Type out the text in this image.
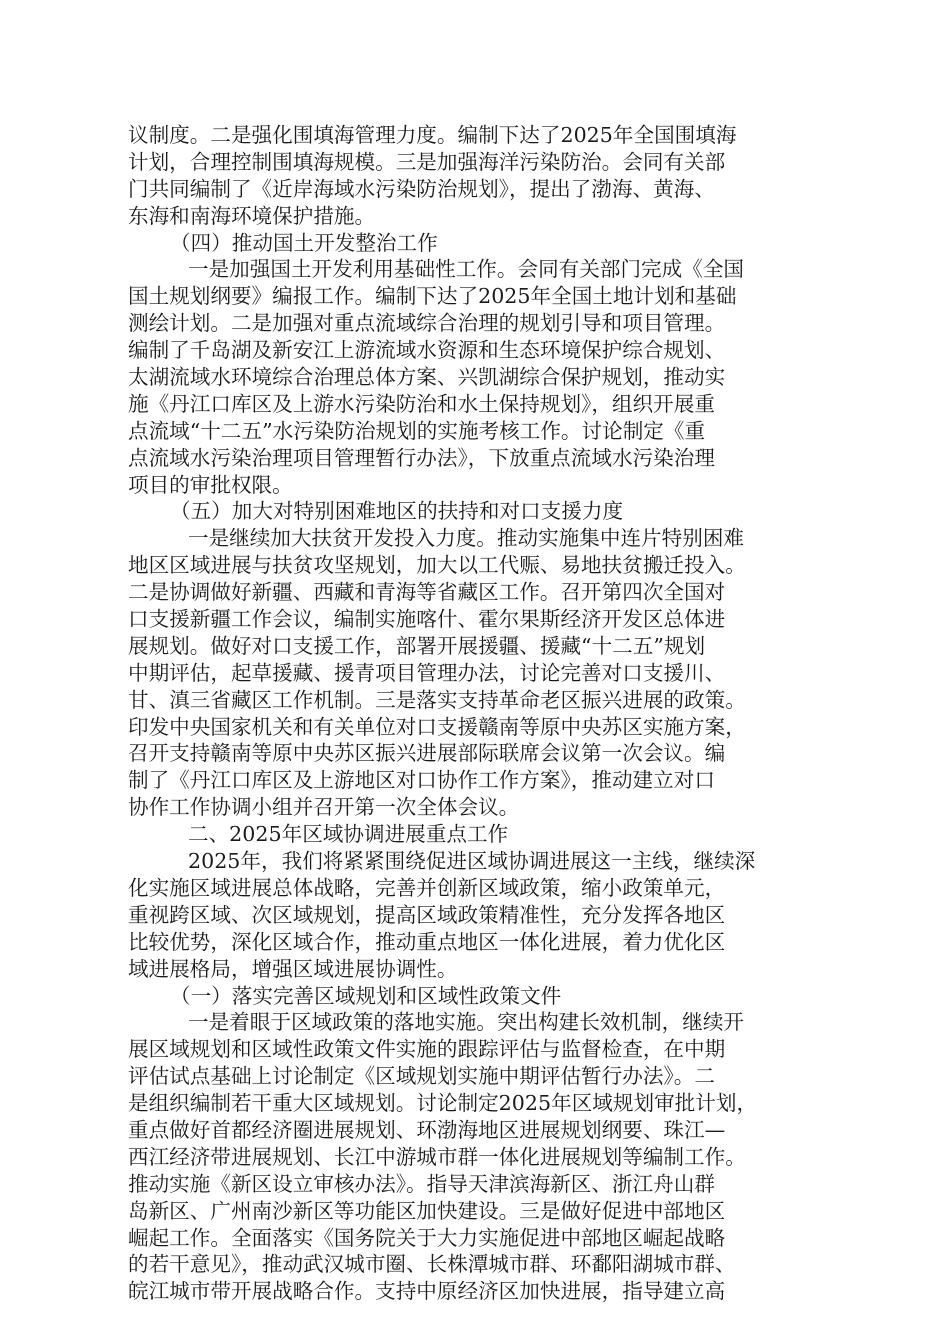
议制度。二是强化围填海管理力度。编制下达了2025年全国围填海
计划，合理控制围填海规模。三是加强海洋污染防治。会同有关部
门共同编制了《近岸海域水污染防治规划》，提出了渤海、黄海、
东海和南海环境保护措施。
（四）推动国土开发整治工作
一是加强国土开发利用基础性工作。会同有关部门完成《全国
国土规划纲要》编报工作。编制下达了2025年全国土地计划和基础
测绘计划。二是加强对重点流域综合治理的规划引导和项目管理。
编制了千岛湖及新安江上游流域水资源和生态环境保护综合规划、
太湖流域水环境综合治理总体方案、兴凯湖综合保护规划，推动实
施《丹江口库区及上游水污染防治和水土保持规划》，组织开展重
点流域“十二五”水污染防治规划的实施考核工作。讨论制定《重
点流域水污染治理项目管理暂行办法》，下放重点流域水污染治理
项目的审批权限。
（五）加大对特别困难地区的扶持和对口支援力度
一是继续加大扶贫开发投入力度。推动实施集中连片特别困难
地区区域进展与扶贫攻坚规划，加大以工代赈、易地扶贫搬迁投入。
二是协调做好新疆、西藏和青海等省藏区工作。召开第四次全国对
口支援新疆工作会议，编制实施喀什、霍尔果斯经济开发区总体进
展规划。做好对口支援工作，部署开展援疆、援藏“十二五”规划
中期评估，起草援藏、援青项目管理办法，讨论完善对口支援川、
甘、滇三省藏区工作机制。三是落实支持革命老区振兴进展的政策。
印发中央国家机关和有关单位对口支援赣南等原中央苏区实施方案，
召开支持赣南等原中央苏区振兴进展部际联席会议第一次会议。编
制了《丹江口库区及上游地区对口协作工作方案》，推动建立对口
协作工作协调小组并召开第一次全体会议。
二、2025年区域协调进展重点工作
2025年，我们将紧紧围绕促进区域协调进展这一主线，继续深
化实施区域进展总体战略，完善并创新区域政策，缩小政策单元，
重视跨区域、次区域规划，提高区域政策精准性，充分发挥各地区
比较优势，深化区域合作，推动重点地区一体化进展，着力优化区
域进展格局，增强区域进展协调性。
（一）落实完善区域规划和区域性政策文件
一是着眼于区域政策的落地实施。突出构建长效机制，继续开
展区域规划和区域性政策文件实施的跟踪评估与监督检查，在中期
评估试点基础上讨论制定《区域规划实施中期评估暂行办法》。二
是组织编制若干重大区域规划。讨论制定2025年区域规划审批计划，
重点做好首都经济圈进展规划、环渤海地区进展规划纲要、珠江—
西江经济带进展规划、长江中游城市群一体化进展规划等编制工作。
推动实施《新区设立审核办法》。指导天津滨海新区、浙江舟山群
岛新区、广州南沙新区等功能区加快建设。三是做好促进中部地区
崛起工作。全面落实《国务院关于大力实施促进中部地区崛起战略
的若干意见》，推动武汉城市圈、长株潭城市群、环鄱阳湖城市群、
皖江城市带开展战略合作。支持中原经济区加快进展，指导建立高
